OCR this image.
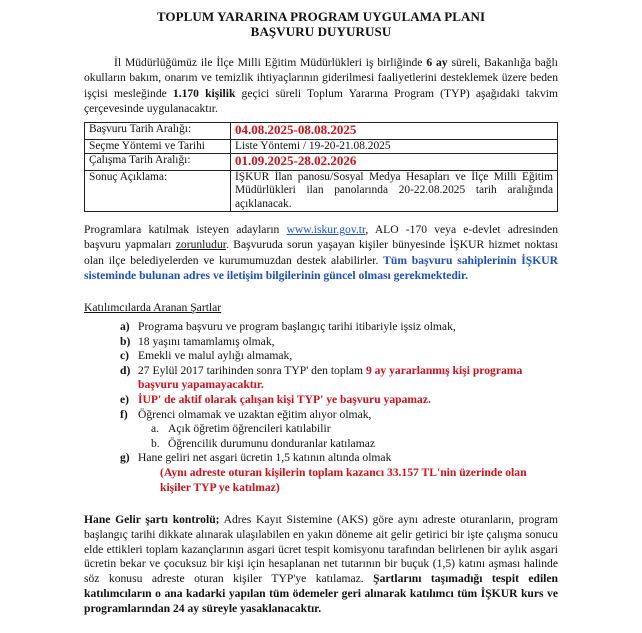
TOPLUM YARARINA PROGRAM UYGULAMA PLANI
BAŞVURU DUYURUSU
İl Müdürlüğümüz ile İlçe Milli Eğitim Müdürlükleri iş birliğinde 6 ay süreli, Bakanlığa bağlı okulların bakım, onarım ve temizlik ihtiyaçlarının giderilmesi faaliyetlerini desteklemek üzere beden işçisi mesleğinde 1.170 kişilik geçici süreli Toplum Yararına Program (TYP) aşağıdaki takvim çerçevesinde uygulanacaktır.
Başvuru Tarih Aralığı:	04.08.2025-08.08.2025
Seçme Yöntemi ve Tarihi	Liste Yöntemi / 19-20-21.08.2025
Çalışma Tarih Aralığı:	01.09.2025-28.02.2026
Sonuç Açıklama:	İŞKUR İlan panosu/Sosyal Medya Hesapları ve İlçe Milli Eğitim Müdürlükleri ilan panolarında 20-22.08.2025 tarih aralığında açıklanacak.
Programlara katılmak isteyen adayların www.iskur.gov.tr, ALO -170 veya e-devlet adresinden başvuru yapmaları zorunludur. Başvuruda sorun yaşayan kişiler bünyesinde İŞKUR hizmet noktası olan ilçe belediyelerden ve kurumumuzdan destek alabilirler. Tüm başvuru sahiplerinin İŞKUR sisteminde bulunan adres ve iletişim bilgilerinin güncel olması gerekmektedir.
Katılımcılarda Aranan Şartlar
a) Programa başvuru ve program başlangıç tarihi itibariyle işsiz olmak,
b) 18 yaşını tamamlamış olmak,
c) Emekli ve malul aylığı almamak,
d) 27 Eylül 2017 tarihinden sonra TYP' den toplam 9 ay yararlanmış kişi programa başvuru yapamayacaktır.
e) İUP' de aktif olarak çalışan kişi TYP' ye başvuru yapamaz.
f) Öğrenci olmamak ve uzaktan eğitim alıyor olmak,
a. Açık öğretim öğrencileri katılabilir
b. Öğrencilik durumunu donduranlar katılamaz
g) Hane geliri net asgari ücretin 1,5 katının altında olmak
(Aynı adreste oturan kişilerin toplam kazancı 33.157 TL'nin üzerinde olan kişiler TYP ye katılmaz)
Hane Gelir şartı kontrolü; Adres Kayıt Sistemine (AKS) göre aynı adreste oturanların, program başlangıç tarihi dikkate alınarak ulaşılabilen en yakın döneme ait gelir getirici bir işte çalışma sonucu elde ettikleri toplam kazançlarının asgari ücret tespit komisyonu tarafından belirlenen bir aylık asgari ücretin bekar ve çocuksuz bir kişi için hesaplanan net tutarının bir buçuk (1,5) katını aşması halinde söz konusu adreste oturan kişiler TYP'ye katılamaz. Şartlarını taşımadığı tespit edilen katılımcıların o ana kadarki yapılan tüm ödemeler geri alınarak katılımcı tüm İŞKUR kurs ve programlarından 24 ay süreyle yasaklanacaktır.
